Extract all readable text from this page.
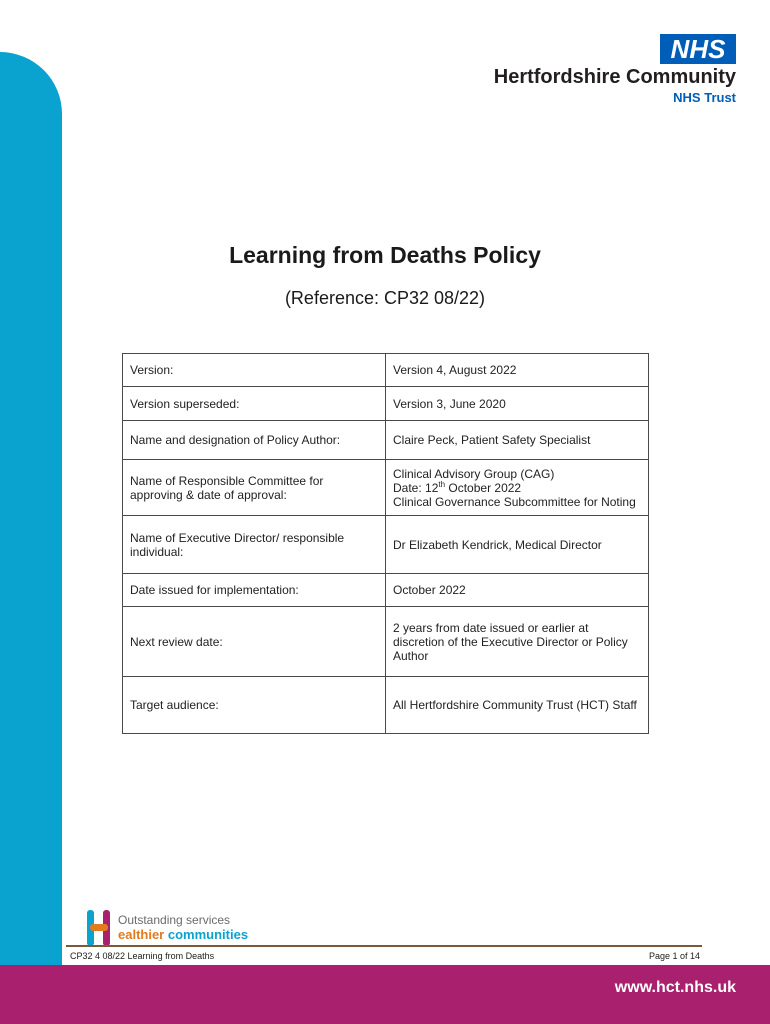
www.hct.nhs.uk
NHS
Hertfordshire Community
NHS Trust
Learning from Deaths Policy
(Reference: CP32 08/22)
Version:	Version 4, August 2022
Version superseded:	Version 3, June 2020
Name and designation of Policy Author:	Claire Peck, Patient Safety Specialist
Name of Responsible Committee for approving & date of approval:	Clinical Advisory Group (CAG)
Date: 12th October 2022
Clinical Governance Subcommittee for Noting
Name of Executive Director/ responsible individual:	Dr Elizabeth Kendrick, Medical Director
Date issued for implementation:	October 2022
Next review date:	2 years from date issued or earlier at discretion of the Executive Director or Policy Author
Target audience:	All Hertfordshire Community Trust (HCT) Staff
Outstanding services
ealthier communities
CP32 4 08/22 Learning from Deaths	Page 1 of 14
